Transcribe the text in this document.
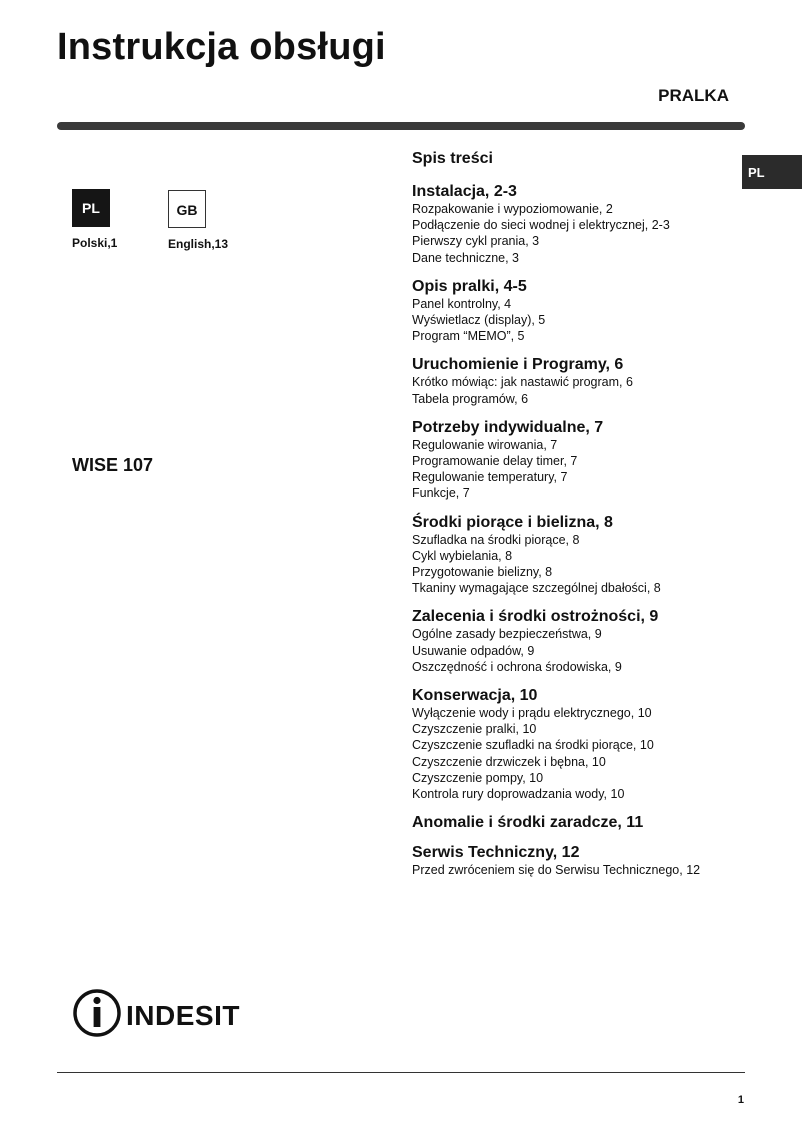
Instrukcja obsługi
PRALKA
PL
PL
Polski,1
GB
English,13
WISE 107
Spis treści
Instalacja, 2-3
Rozpakowanie i wypoziomowanie, 2
Podłączenie do sieci wodnej i elektrycznej, 2-3
Pierwszy cykl prania, 3
Dane techniczne, 3
Opis pralki, 4-5
Panel kontrolny, 4
Wyświetlacz (display), 5
Program “MEMO”, 5
Uruchomienie i Programy, 6
Krótko mówiąc: jak nastawić program, 6
Tabela programów, 6
Potrzeby indywidualne, 7
Regulowanie wirowania, 7
Programowanie delay timer, 7
Regulowanie temperatury, 7
Funkcje, 7
Środki piorące i bielizna, 8
Szufladka na środki piorące, 8
Cykl wybielania, 8
Przygotowanie bielizny, 8
Tkaniny wymagające szczególnej dbałości, 8
Zalecenia i środki ostrożności, 9
Ogólne zasady bezpieczeństwa, 9
Usuwanie odpadów, 9
Oszczędność i ochrona środowiska, 9
Konserwacja, 10
Wyłączenie wody i prądu elektrycznego, 10
Czyszczenie pralki, 10
Czyszczenie szufladki na środki piorące, 10
Czyszczenie drzwiczek i bębna, 10
Czyszczenie pompy, 10
Kontrola rury doprowadzania wody, 10
Anomalie i środki zaradcze, 11
Serwis Techniczny, 12
Przed zwróceniem się do Serwisu Technicznego, 12
INDESIT
1
